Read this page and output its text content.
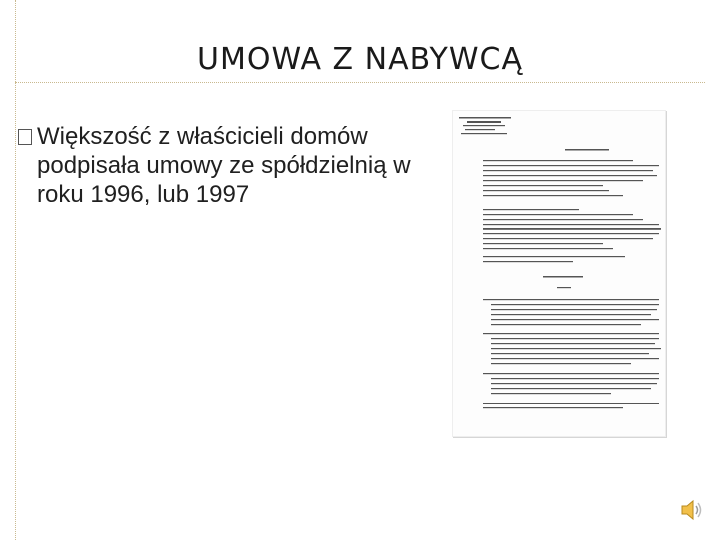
UMOWA Z NABYWCĄ

Większość z właścicieli domów podpisała umowy ze spółdzielnią w roku 1996, lub 1997
